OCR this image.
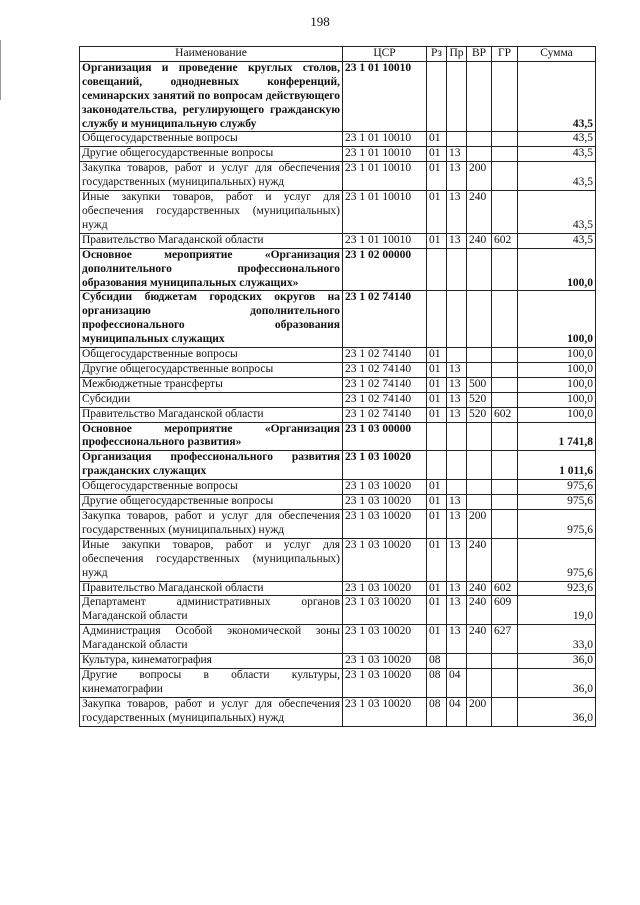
198
Наименование	ЦСР	Рз	Пр	ВР	ГР	Сумма
Организация и проведение круглых столов, совещаний, однодневных конференций, семинарских занятий по вопросам действующего законодательства, регулирующего гражданскую службу и муниципальную службу	23 1 01 10010					43,5
Общегосударственные вопросы	23 1 01 10010	01				43,5
Другие общегосударственные вопросы	23 1 01 10010	01	13			43,5
Закупка товаров, работ и услуг для обеспечения государственных (муниципальных) нужд	23 1 01 10010	01	13	200		43,5
Иные закупки товаров, работ и услуг для обеспечения государственных (муниципальных) нужд	23 1 01 10010	01	13	240		43,5
Правительство Магаданской области	23 1 01 10010	01	13	240	602	43,5
Основное мероприятие «Организация дополнительного профессионального образования муниципальных служащих»	23 1 02 00000					100,0
Субсидии бюджетам городских округов на организацию дополнительного профессионального образования муниципальных служащих	23 1 02 74140					100,0
Общегосударственные вопросы	23 1 02 74140	01				100,0
Другие общегосударственные вопросы	23 1 02 74140	01	13			100,0
Межбюджетные трансферты	23 1 02 74140	01	13	500		100,0
Субсидии	23 1 02 74140	01	13	520		100,0
Правительство Магаданской области	23 1 02 74140	01	13	520	602	100,0
Основное мероприятие «Организация профессионального развития»	23 1 03 00000					1 741,8
Организация профессионального развития гражданских служащих	23 1 03 10020					1 011,6
Общегосударственные вопросы	23 1 03 10020	01				975,6
Другие общегосударственные вопросы	23 1 03 10020	01	13			975,6
Закупка товаров, работ и услуг для обеспечения государственных (муниципальных) нужд	23 1 03 10020	01	13	200		975,6
Иные закупки товаров, работ и услуг для обеспечения государственных (муниципальных) нужд	23 1 03 10020	01	13	240		975,6
Правительство Магаданской области	23 1 03 10020	01	13	240	602	923,6
Департамент административных органов Магаданской области	23 1 03 10020	01	13	240	609	19,0
Администрация Особой экономической зоны Магаданской области	23 1 03 10020	01	13	240	627	33,0
Культура, кинематография	23 1 03 10020	08				36,0
Другие вопросы в области культуры, кинематографии	23 1 03 10020	08	04			36,0
Закупка товаров, работ и услуг для обеспечения государственных (муниципальных) нужд	23 1 03 10020	08	04	200		36,0
